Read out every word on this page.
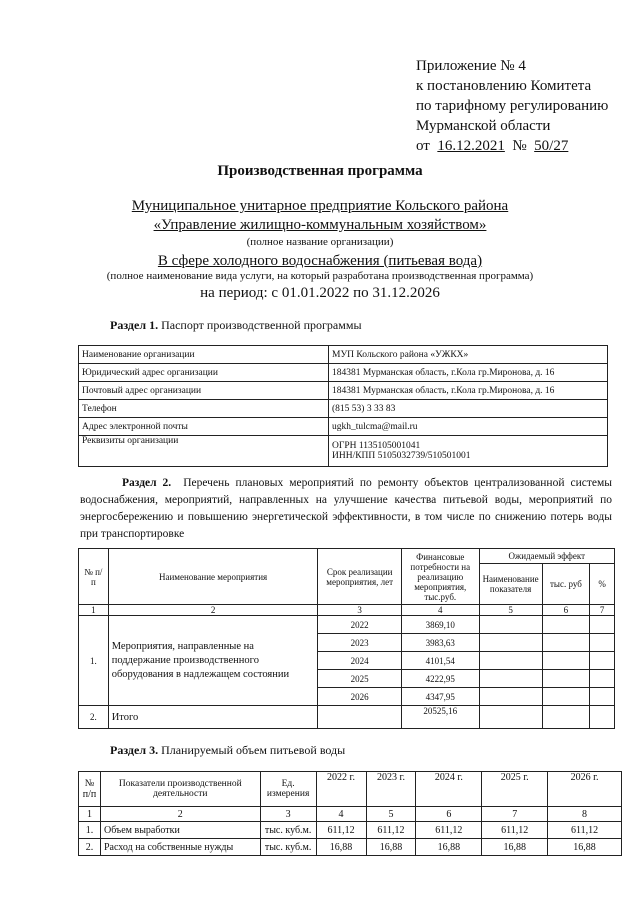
Приложение № 4
к постановлению Комитета
по тарифному регулированию
Мурманской области
от 16.12.2021 № 50/27
Производственная программа
Муниципальное унитарное предприятие Кольского района
«Управление жилищно-коммунальным хозяйством»
(полное название организации)
В сфере холодного водоснабжения (питьевая вода)
(полное наименование вида услуги, на который разработана производственная программа)
на период: с 01.01.2022 по 31.12.2026
Раздел 1. Паспорт производственной программы
Наименование организации	МУП Кольского района «УЖКХ»
Юридический адрес организации	184381 Мурманская область, г.Кола гр.Миронова, д. 16
Почтовый адрес организации	184381 Мурманская область, г.Кола гр.Миронова, д. 16
Телефон	(815 53) 3 33 83
Адрес электронной почты	ugkh_tulcma@mail.ru
Реквизиты организации	ОГРН 1135105001041
ИНН/КПП 5105032739/510501001
Раздел 2. Перечень плановых мероприятий по ремонту объектов централизованной системы водоснабжения, мероприятий, направленных на улучшение качества питьевой воды, мероприятий по энергосбережению и повышению энергетической эффективности, в том числе по снижению потерь воды при транспортировке
№ п/п	Наименование мероприятия	Срок реализации мероприятия, лет	Финансовые потребности на реализацию мероприятия, тыс.руб.	Ожидаемый эффект		
				Наименование показателя	тыс. руб	%
1	2	3	4	5	6	7
1.	Мероприятия, направленные на поддержание производственного оборудования в надлежащем состоянии	2022	3869,10			
		2023	3983,63			
		2024	4101,54			
		2025	4222,95			
		2026	4347,95			
2.	Итого		20525,16			
Раздел 3. Планируемый объем питьевой воды
№ п/п	Показатели производственной деятельности	Ед. измерения	2022 г.	2023 г.	2024 г.	2025 г.	2026 г.
1	2	3	4	5	6	7	8
1.	Объем выработки	тыс. куб.м.	611,12	611,12	611,12	611,12	611,12
2.	Расход на собственные нужды	тыс. куб.м.	16,88	16,88	16,88	16,88	16,88
